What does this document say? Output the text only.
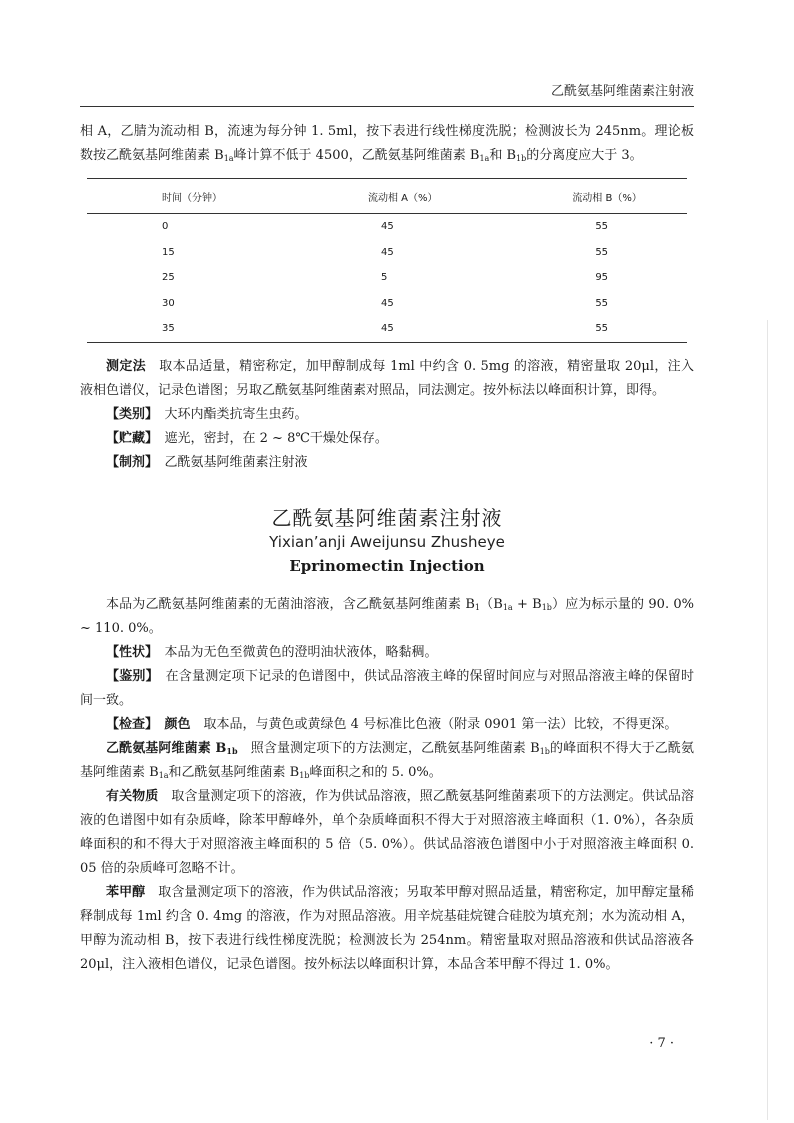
乙酰氨基阿维菌素注射液

相 A，乙腈为流动相 B，流速为每分钟 1. 5ml，按下表进行线性梯度洗脱；检测波长为 245nm。理论板数按乙酰氨基阿维菌素 $B_{1a}$峰计算不低于 4500，乙酰氨基阿维菌素 $B_{1a}$和 $B_{1b}$的分离度应大于 3。

时间（分钟）	流动相 A（%）	流动相 B（%）
0	45	55
15	45	55
25	5	95
30	45	55
35	45	55

测定法　取本品适量，精密称定，加甲醇制成每 1ml 中约含 0. 5mg 的溶液，精密量取 20μl，注入液相色谱仪，记录色谱图；另取乙酰氨基阿维菌素对照品，同法测定。按外标法以峰面积计算，即得。

【类别】　大环内酯类抗寄生虫药。

【贮藏】　遮光，密封，在 2 ~ 8℃干燥处保存。

【制剂】　乙酰氨基阿维菌素注射液

乙酰氨基阿维菌素注射液
Yixian’anji Aweijunsu Zhusheye
Eprinomectin Injection

本品为乙酰氨基阿维菌素的无菌油溶液，含乙酰氨基阿维菌素 $B_1(B_{1a} + B_{1b})$应为标示量的 90. 0% ~ 110. 0%。

【性状】　本品为无色至微黄色的澄明油状液体，略黏稠。

【鉴别】　在含量测定项下记录的色谱图中，供试品溶液主峰的保留时间应与对照品溶液主峰的保留时间一致。

【检查】　颜色　取本品，与黄色或黄绿色 4 号标准比色液（附录 0901 第一法）比较，不得更深。

乙酰氨基阿维菌素 $B_{1b}$　照含量测定项下的方法测定，乙酰氨基阿维菌素 $B_{1b}$的峰面积不得大于乙酰氨基阿维菌素 $B_{1a}$和乙酰氨基阿维菌素 $B_{1b}$峰面积之和的 5. 0%。

有关物质　取含量测定项下的溶液，作为供试品溶液，照乙酰氨基阿维菌素项下的方法测定。供试品溶液的色谱图中如有杂质峰，除苯甲醇峰外，单个杂质峰面积不得大于对照溶液主峰面积（1. 0%），各杂质峰面积的和不得大于对照溶液主峰面积的 5 倍（5. 0%）。供试品溶液色谱图中小于对照溶液主峰面积 0. 05 倍的杂质峰可忽略不计。

苯甲醇　取含量测定项下的溶液，作为供试品溶液；另取苯甲醇对照品适量，精密称定，加甲醇定量稀释制成每 1ml 约含 0. 4mg 的溶液，作为对照品溶液。用辛烷基硅烷键合硅胶为填充剂；水为流动相 A，甲醇为流动相 B，按下表进行线性梯度洗脱；检测波长为 254nm。精密量取对照品溶液和供试品溶液各 20μl，注入液相色谱仪，记录色谱图。按外标法以峰面积计算，本品含苯甲醇不得过 1. 0%。

· 7 ·
